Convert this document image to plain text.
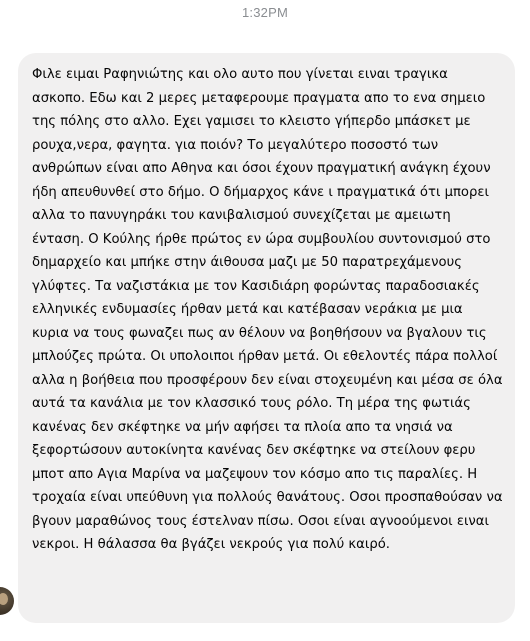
1:32PM

Φιλε ειμαι Ραφηνιώτης και ολο αυτο που γίνεται ειναι τραγικα ασκοπο. Εδω και 2 μερες μεταφερουμε πραγματα απο το ενα σημειο της πόλης στο αλλο. Εχει γαμισει το κλειστο γήπερδο μπάσκετ με ρουχα,νερα, φαγητα. για ποιόν? Το μεγαλύτερο ποσοστό των ανθρώπων είναι απο Αθηνα και όσοι έχουν πραγματική ανάγκη έχουν ήδη απευθυνθεί στο δήμο. Ο δήμαρχος κάνε ι πραγματικά ότι μπορει αλλα το πανυγηράκι του κανιβαλισμού συνεχίζεται με αμειωτη ένταση. Ο Κούλης ήρθε πρώτος εν ώρα συμβουλίου συντονισμού στο δημαρχείο και μπήκε στην άιθουσα μαζι με 50 παρατρεχάμενους γλύφτες. Τα ναζιστάκια με τον Κασιδιάρη φορώντας παραδοσιακές ελληνικές ενδυμασίες ήρθαν μετά και κατέβασαν νεράκια με μια κυρια να τους φωναζει πως αν θέλουν να βοηθήσουν να βγαλουν τις μπλούζες πρώτα. Οι υπολοιποι ήρθαν μετά. Οι εθελοντές πάρα πολλοί αλλα η βοήθεια που προσφέρουν δεν είναι στοχευμένη και μέσα σε όλα αυτά τα κανάλια με τον κλασσικό τους ρόλο. Τη μέρα της φωτιάς κανένας δεν σκέφτηκε να μήν αφήσει τα πλοία απο τα νησιά να ξεφορτώσουν αυτοκίνητα κανένας δεν σκέφτηκε να στείλουν φερυ μποτ απο Αγια Μαρίνα να μαζεψουν τον κόσμο απο τις παραλίες. Η τροχαία είναι υπεύθυνη για πολλούς θανάτους. Οσοι προσπαθούσαν να βγουν μαραθώνος τους έστελναν πίσω. Οσοι είναι αγνοούμενοι ειναι νεκροι. Η θάλασσα θα βγάζει νεκρούς για πολύ καιρό.
